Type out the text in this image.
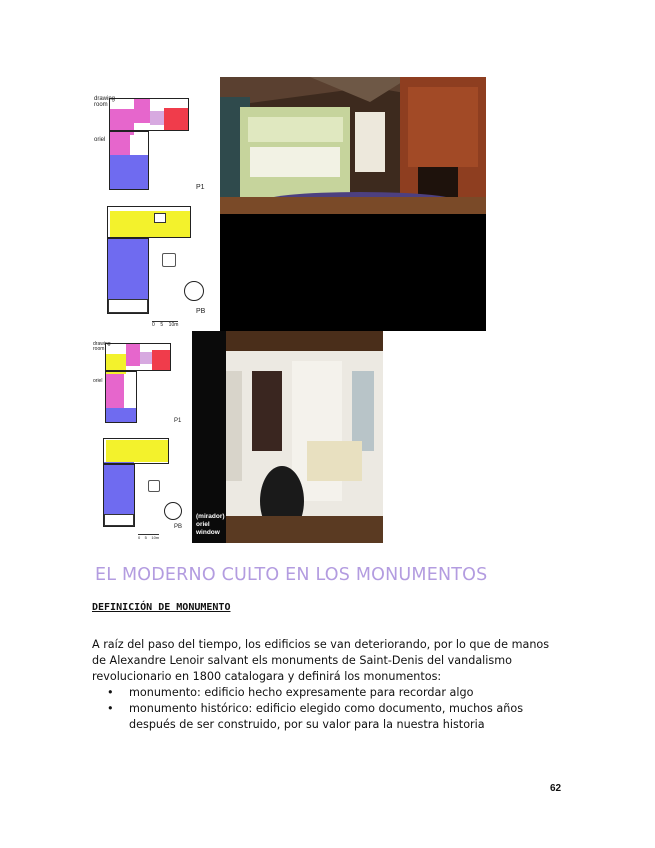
drawing room
oriel
P1
PB
0    5    10m
drawing room
oriel
P1
PB
0    5    10m
(mirador)
oriel
window
EL MODERNO CULTO EN LOS MONUMENTOS
DEFINICIÓN DE MONUMENTO
A raíz del paso del tiempo, los edificios se van deteriorando, por lo que de manos de Alexandre Lenoir salvant els monuments de Saint-Denis del vandalismo revolucionario en 1800 catalogara y definirá los monumentos:
• monumento: edificio hecho expresamente para recordar algo
• monumento histórico: edificio elegido como documento, muchos años después de ser construido, por su valor para la nuestra historia
62
